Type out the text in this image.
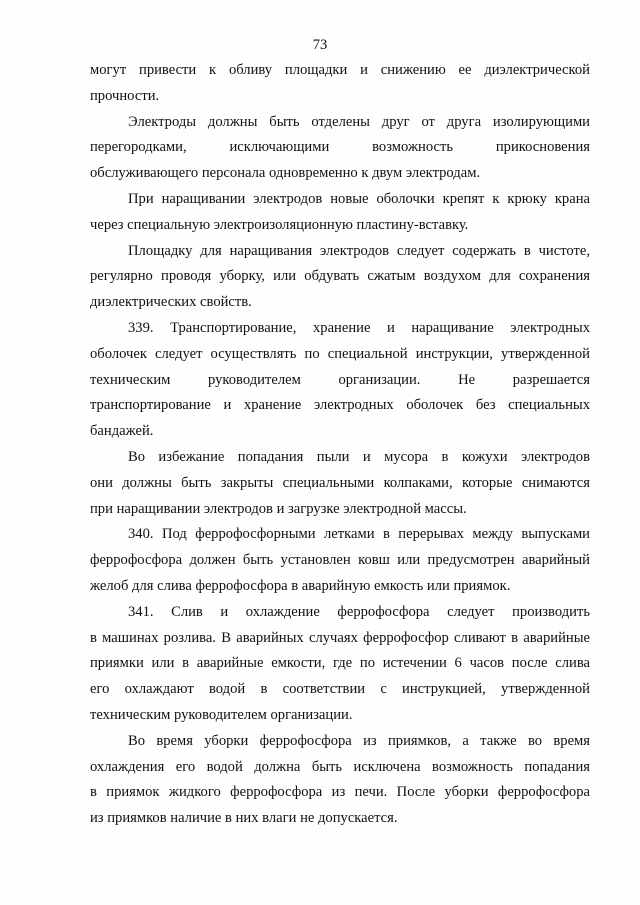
73
могут привести к обливу площадки и снижению ее диэлектрической
прочности.
Электроды должны быть отделены друг от друга изолирующими
перегородками, исключающими возможность прикосновения
обслуживающего персонала одновременно к двум электродам.
При наращивании электродов новые оболочки крепят к крюку крана
через специальную электроизоляционную пластину-вставку.
Площадку для наращивания электродов следует содержать в чистоте,
регулярно проводя уборку, или обдувать сжатым воздухом для сохранения
диэлектрических свойств.
339. Транспортирование, хранение и наращивание электродных
оболочек следует осуществлять по специальной инструкции, утвержденной
техническим руководителем организации. Не разрешается
транспортирование и хранение электродных оболочек без специальных
бандажей.
Во избежание попадания пыли и мусора в кожухи электродов
они должны быть закрыты специальными колпаками, которые снимаются
при наращивании электродов и загрузке электродной массы.
340. Под феррофосфорными летками в перерывах между выпусками
феррофосфора должен быть установлен ковш или предусмотрен аварийный
желоб для слива феррофосфора в аварийную емкость или приямок.
341. Слив и охлаждение феррофосфора следует производить
в машинах розлива. В аварийных случаях феррофосфор сливают в аварийные
приямки или в аварийные емкости, где по истечении 6 часов после слива
его охлаждают водой в соответствии с инструкцией, утвержденной
техническим руководителем организации.
Во время уборки феррофосфора из приямков, а также во время
охлаждения его водой должна быть исключена возможность попадания
в приямок жидкого феррофосфора из печи. После уборки феррофосфора
из приямков наличие в них влаги не допускается.
